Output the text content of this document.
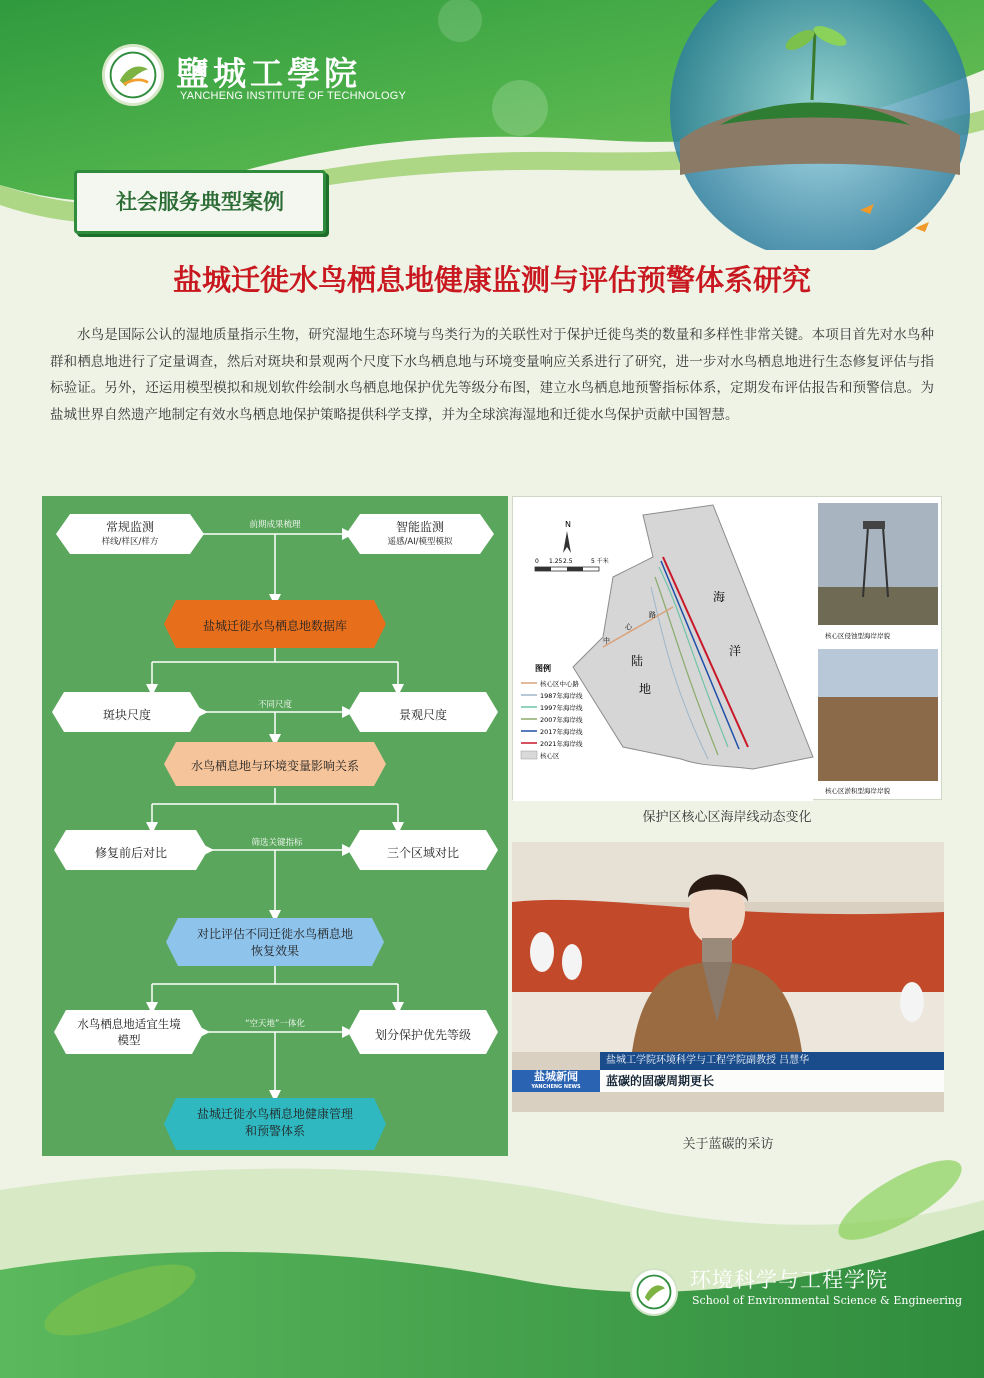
鹽城工學院
YANCHENG INSTITUTE OF TECHNOLOGY
社会服务典型案例
盐城迁徙水鸟栖息地健康监测与评估预警体系研究
水鸟是国际公认的湿地质量指示生物，研究湿地生态环境与鸟类行为的关联性对于保护迁徙鸟类的数量和多样性非常关键。本项目首先对水鸟种群和栖息地进行了定量调查，然后对斑块和景观两个尺度下水鸟栖息地与环境变量响应关系进行了研究，进一步对水鸟栖息地进行生态修复评估与指标验证。另外，还运用模型模拟和规划软件绘制水鸟栖息地保护优先等级分布图，建立水鸟栖息地预警指标体系，定期发布评估报告和预警信息。为盐城世界自然遗产地制定有效水鸟栖息地保护策略提供科学支撑，并为全球滨海湿地和迁徙水鸟保护贡献中国智慧。
常规监测
样线/样区/样方
前期成果梳理	智能监测
遥感/AI/模型模拟
盐城迁徙水鸟栖息地数据库
斑块尺度
不同尺度
景观尺度
水鸟栖息地与环境变量影响关系
修复前后对比
筛选关键指标
三个区域对比
对比评估不同迁徙水鸟栖息地
恢复效果
水鸟栖息地适宜生境
模型
“空天地”一体化
划分保护优先等级
盐城迁徙水鸟栖息地健康管理
和预警体系
N
0 1.25 2.5	5 千米
海
洋
陆
地
中
心
路
图例
核心区中心路
1987年海岸线
1997年海岸线
2007年海岸线
2017年海岸线
2021年海岸线
核心区
核心区侵蚀型海岸岸貌
核心区淤积型海岸岸貌
保护区核心区海岸线动态变化
盐城工学院环境科学与工程学院副教授 吕慧华
盐城新闻
YANCHENG NEWS	蓝碳的固碳周期更长
关于蓝碳的采访
环境科学与工程学院
School of Environmental Science & Engineering
